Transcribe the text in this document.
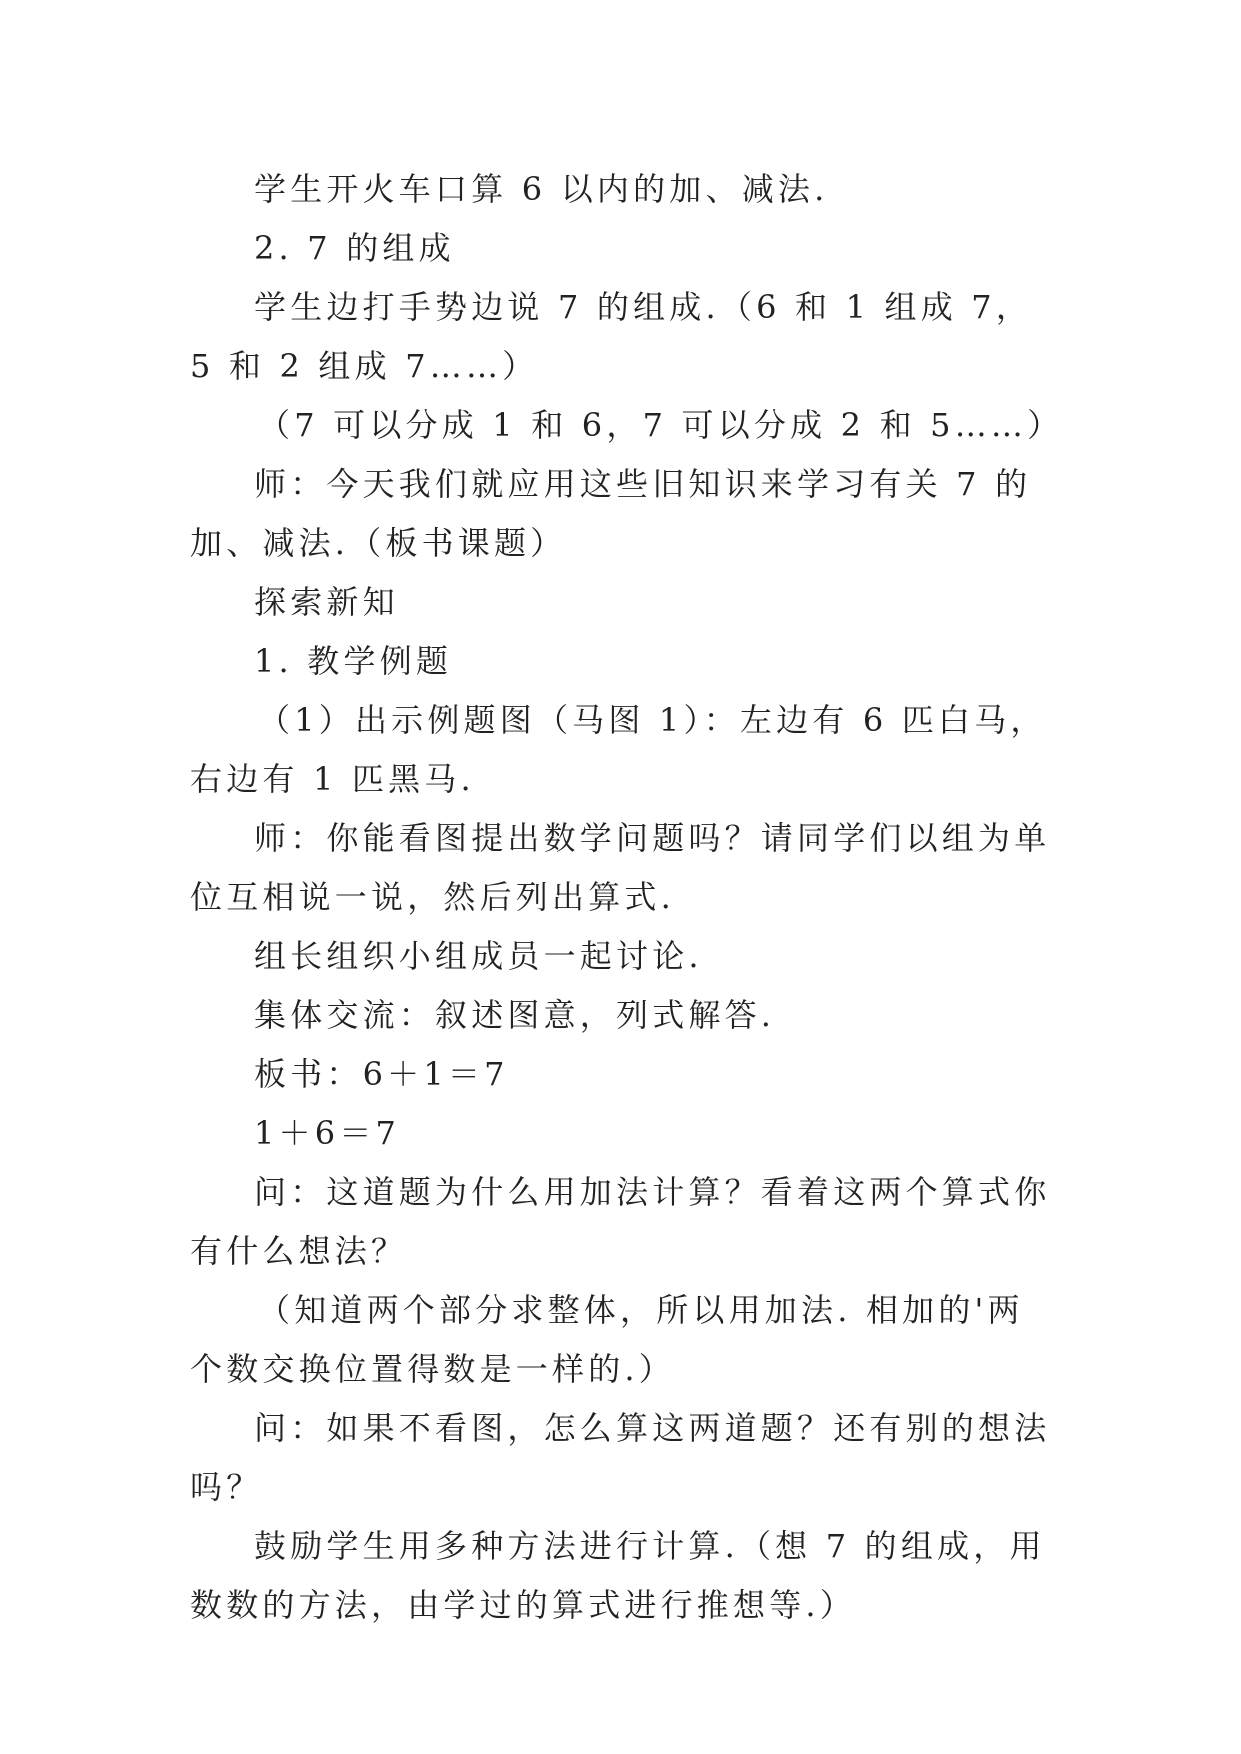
学生开火车口算 6 以内的加、减法.

2. 7 的组成

学生边打手势边说 7 的组成.（6 和 1 组成 7，5 和 2 组成 7……）

（7 可以分成 1 和 6，7 可以分成 2 和 5……）

师：今天我们就应用这些旧知识来学习有关 7 的加、减法.（板书课题）

探索新知

1. 教学例题

（1）出示例题图（马图 1）：左边有 6 匹白马，右边有 1 匹黑马.

师：你能看图提出数学问题吗？请同学们以组为单位互相说一说，然后列出算式.

组长组织小组成员一起讨论.

集体交流：叙述图意，列式解答.

板书：6＋1＝7

1＋6＝7

问：这道题为什么用加法计算？看着这两个算式你有什么想法？

（知道两个部分求整体，所以用加法. 相加的'两个数交换位置得数是一样的.）

问：如果不看图，怎么算这两道题？还有别的想法吗？

鼓励学生用多种方法进行计算.（想 7 的组成，用数数的方法，由学过的算式进行推想等.）
